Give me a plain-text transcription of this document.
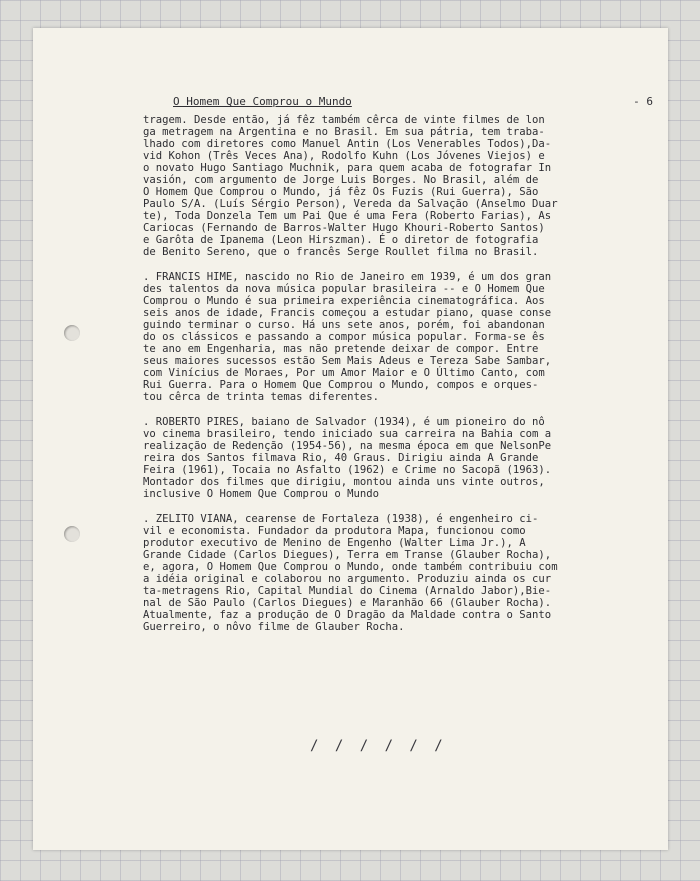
O Homem Que Comprou o Mundo	- 6
tragem. Desde então, já fêz também cêrca de vinte filmes de lon
ga metragem na Argentina e no Brasil. Em sua pátria, tem traba-
lhado com diretores como Manuel Antin (Los Venerables Todos),Da-
vid Kohon (Três Veces Ana), Rodolfo Kuhn (Los Jóvenes Viejos) e
o novato Hugo Santiago Muchnik, para quem acaba de fotografar In
vasión, com argumento de Jorge Luis Borges. No Brasil, além de
O Homem Que Comprou o Mundo, já fêz Os Fuzis (Rui Guerra), São
Paulo S/A. (Luís Sérgio Person), Vereda da Salvação (Anselmo Duar
te), Toda Donzela Tem um Pai Que é uma Fera (Roberto Farias), As
Cariocas (Fernando de Barros-Walter Hugo Khouri-Roberto Santos)
e Garôta de Ipanema (Leon Hirszman). É o diretor de fotografia
de Benito Sereno, que o francês Serge Roullet filma no Brasil.
. FRANCIS HIME, nascido no Rio de Janeiro em 1939, é um dos gran
des talentos da nova música popular brasileira -- e O Homem Que
Comprou o Mundo é sua primeira experiência cinematográfica. Aos
seis anos de idade, Francis começou a estudar piano, quase conse
guindo terminar o curso. Há uns sete anos, porém, foi abandonan
do os clássicos e passando a compor música popular. Forma-se ês
te ano em Engenharia, mas não pretende deixar de compor. Entre
seus maiores sucessos estão Sem Mais Adeus e Tereza Sabe Sambar,
com Vinícius de Moraes, Por um Amor Maior e O Último Canto, com
Rui Guerra. Para o Homem Que Comprou o Mundo, compos e orques-
tou cêrca de trinta temas diferentes.
. ROBERTO PIRES, baiano de Salvador (1934), é um pioneiro do nô
vo cinema brasileiro, tendo iniciado sua carreira na Bahia com a
realização de Redenção (1954-56), na mesma época em que NelsonPe
reira dos Santos filmava Rio, 40 Graus. Dirigiu ainda A Grande
Feira (1961), Tocaia no Asfalto (1962) e Crime no Sacopã (1963).
Montador dos filmes que dirigiu, montou ainda uns vinte outros,
inclusive O Homem Que Comprou o Mundo
. ZELITO VIANA, cearense de Fortaleza (1938), é engenheiro ci-
vil e economista. Fundador da produtora Mapa, funcionou como
produtor executivo de Menino de Engenho (Walter Lima Jr.), A
Grande Cidade (Carlos Diegues), Terra em Transe (Glauber Rocha),
e, agora, O Homem Que Comprou o Mundo, onde também contribuiu com
a idéia original e colaborou no argumento. Produziu ainda os cur
ta-metragens Rio, Capital Mundial do Cinema (Arnaldo Jabor),Bie-
nal de São Paulo (Carlos Diegues) e Maranhão 66 (Glauber Rocha).
Atualmente, faz a produção de O Dragão da Maldade contra o Santo
Guerreiro, o nôvo filme de Glauber Rocha.
/ / / / / /
